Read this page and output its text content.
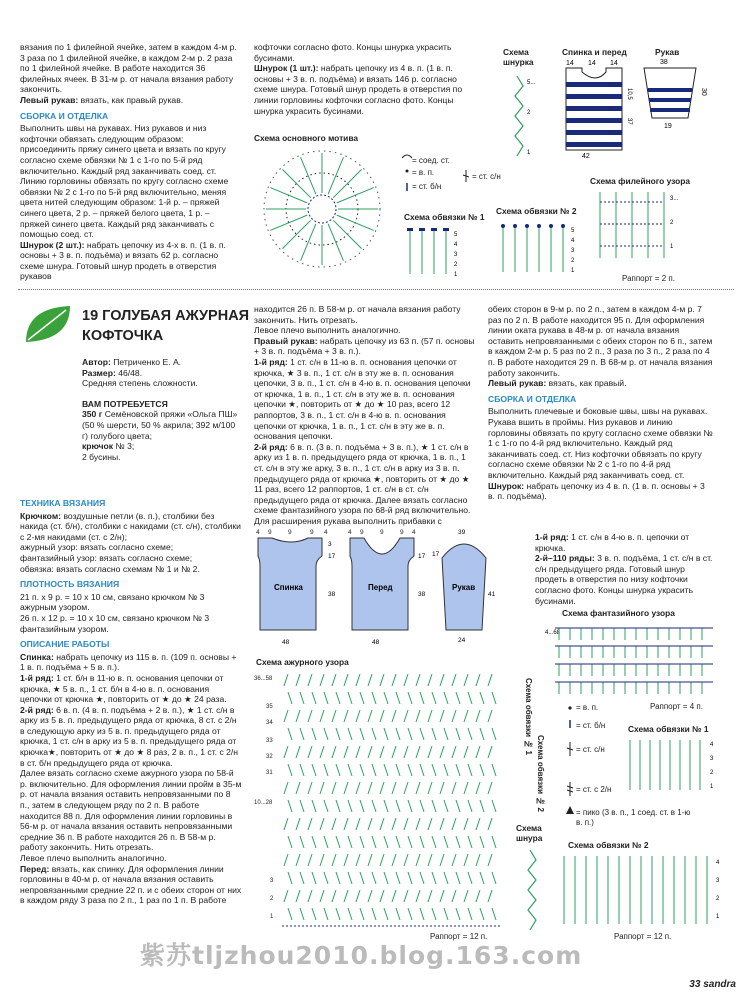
вязания по 1 филейной ячейке, затем в каждом 4-м р. 3 раза по 1 филейной ячейке, в каждом 2-м р. 2 раза по 1 филейной ячейке. В работе находится 36 филейных ячеек. В 31-м р. от начала вязания работу закончить.

Левый рукав: вязать, как правый рукав.

СБОРКА И ОТДЕЛКА

Выполнить швы на рукавах. Низ рукавов и низ кофточки обвязать следующим образом: присоединить пряжу синего цвета и вязать по кругу согласно схеме обвязки № 1 с 1-го по 5-й ряд включительно. Каждый ряд заканчивать соед. ст. Линию горловины обвязать по кругу согласно схеме обвязки № 2 с 1-го по 5-й ряд включительно, меняя цвета нитей следующим образом: 1-й р. – пряжей синего цвета, 2 р. – пряжей белого цвета, 1 р. – пряжей синего цвета. Каждый ряд заканчивать с помощью соед. ст.

Шнурок (2 шт.): набрать цепочку из 4-х в. п. (1 в. п. основы + 3 в. п. подъёма) и вязать 62 р. согласно схеме шнура. Готовый шнур продеть в отверстия рукавов

кофточки согласно фото. Концы шнурка украсить бусинами.

Шнурок (1 шт.): набрать цепочку из 4 в. п. (1 в. п. основы + 3 в. п. подъёма) и вязать 146 р. согласно схеме шнура. Готовый шнур продеть в отверстия по линии горловины кофточки согласно фото. Концы шнурка украсить бусинами.

Схема основного мотива
= соед. ст.
= в. п.
= ст. б/н
= ст. с/н
Схема обвязки № 1
5
4
3
2
1
Схема обвязки № 2
5
4
3
2
1
Схема шнурка
5...
2
1
Спинка и перед	Рукав
14 14 14
42
10,5
37
38
19
30
Схема филейного узора
3...
2
1
Раппорт = 2 п.
19 ГОЛУБАЯ АЖУРНАЯ КОФТОЧКА

Автор: Петриченко Е. А.

Размер: 46/48.

Средняя степень сложности.

ВАМ ПОТРЕБУЕТСЯ

350 г Семёновской пряжи «Ольга ПШ» (50 % шерсти, 50 % акрила; 392 м/100 г) голубого цвета;

крючок № 3;

2 бусины.

ТЕХНИКА ВЯЗАНИЯ

Крючком: воздушные петли (в. п.), столбики без накида (ст. б/н), столбики с накидами (ст. с/н), столбики с 2-мя накидами (ст. с 2/н);

ажурный узор: вязать согласно схеме;

фантазийный узор: вязать согласно схеме;

обвязка: вязать согласно схемам № 1 и № 2.

ПЛОТНОСТЬ ВЯЗАНИЯ

21 п. х 9 р. = 10 х 10 см, связано крючком № 3 ажурным узором.

26 п. х 12 р. = 10 х 10 см, связано крючком № 3 фантазийным узором.

ОПИСАНИЕ РАБОТЫ

Спинка: набрать цепочку из 115 в. п. (109 п. основы + 1 в. п. подъёма + 5 в. п.).

1-й ряд: 1 ст. б/н в 11-ю в. п. основания цепочки от крючка, ★ 5 в. п., 1 ст. б/н в 4-ю в. п. основания цепочки от крючка ★, повторить от ★ до ★ 24 раза.

2-й ряд: 6 в. п. (4 в. п. подъёма + 2 в. п.), ★ 1 ст. с/н в арку из 5 в. п. предыдущего ряда от крючка, 8 ст. с 2/н в следующую арку из 5 в. п. предыдущего ряда от крючка, 1 ст. с/н в арку из 5 в. п. предыдущего ряда от крючка★, повторить от ★ до ★ 8 раз, 2 в. п., 1 ст. с 2/н в ст. б/н предыдущего ряда от крючка.

Далее вязать согласно схеме ажурного узора по 58-й р. включительно. Для оформления линии пройм в 35-м р. от начала вязания оставить непровязанными по 8 п., затем в следующем ряду по 2 п. В работе находится 88 п. Для оформления линии горловины в 56-м р. от начала вязания оставить непровязанными средние 36 п. В работе находится 26 п. В 58-м р. работу закончить. Нить отрезать.

Левое плечо выполнить аналогично.

Перед: вязать, как спинку. Для оформления линии горловины в 40-м р. от начала вязания оставить непровязанными средние 22 п. и с обеих сторон от них в каждом ряду 3 раза по 2 п., 1 раз по 1 п. В работе

находится 26 п. В 58-м р. от начала вязания работу закончить. Нить отрезать.

Левое плечо выполнить аналогично.

Правый рукав: набрать цепочку из 63 п. (57 п. основы + 3 в. п. подъёма + 3 в. п.).

1-й ряд: 1 ст. с/н в 11-ю в. п. основания цепочки от крючка, ★ 3 в. п., 1 ст. с/н в эту же в. п. основания цепочки, 3 в. п., 1 ст. с/н в 4-ю в. п. основания цепочки от крючка, 1 в. п., 1 ст. с/н в эту же в. п. основания цепочки ★, повторить от ★ до ★ 10 раз, всего 12 раппортов, 3 в. п., 1 ст. с/н в 4-ю в. п. основания цепочки от крючка, 1 в. п., 1 ст. с/н в эту же в. п. основания цепочки.

2-й ряд: 6 в. п. (3 в. п. подъёма + 3 в. п.), ★ 1 ст. с/н в арку из 1 в. п. предыдущего ряда от крючка, 1 в. п., 1 ст. с/н в эту же арку, 3 в. п., 1 ст. с/н в арку из 3 в. п. предыдущего ряда от крючка ★, повторить от ★ до ★ 11 раз, всего 12 раппортов, 1 ст. с/н в ст. с/н предыдущего ряда от крючка. Далее вязать согласно схеме фантазийного узора по 68-й ряд включительно. Для расширения рукава выполнить прибавки с

обеих сторон в 9-м р. по 2 п., затем в каждом 4-м р. 7 раз по 2 п. В работе находится 95 п. Для оформления линии оката рукава в 48-м р. от начала вязания оставить непровязанными с обеих сторон по 6 п., затем в каждом 2-м р. 5 раз по 2 п., 3 раза по 3 п., 2 раза по 4 п. В работе находится 29 п. В 68-м р. от начала вязания работу закончить.

Левый рукав: вязать, как правый.

СБОРКА И ОТДЕЛКА

Выполнить плечевые и боковые швы, швы на рукавах. Рукава вшить в проймы. Низ рукавов и линию горловины обвязать по кругу согласно схеме обвязки № 1 с 1-го по 4-й ряд включительно. Каждый ряд заканчивать соед. ст. Низ кофточки обвязать по кругу согласно схеме обвязки № 2 с 1-го по 4-й ряд включительно. Каждый ряд заканчивать соед. ст.

Шнурок: набрать цепочку из 4 в. п. (1 в. п. основы + 3 в. п. подъёма).

1-й ряд: 1 ст. с/н в 4-ю в. п. цепочки от крючка.

2-й–110 ряды: 3 в. п. подъёма, 1 ст. с/н в ст. с/н предыдущего ряда. Готовый шнур продеть в отверстия по низу кофточки согласно фото. Концы шнурка украсить бусинами.

4 9	9	9 4
Спинка
48
3
17
38
4 9	9	9 4
Перед
48
17
38
Рукав
39
17
41
24
Схема ажурного узора
36...58
35
34
33
32
31
10...28
3
2
1
Раппорт = 12 п.
Схема обвязки № 1
Схема обвязки № 2
Схема шнура
Схема фантазийного узора
4...68
Раппорт = 4 п.
= в. п.
= ст. б/н
= ст. с/н
= ст. с 2/н
= пико (3 в. п., 1 соед. ст. в 1-ю в. п.)
Схема обвязки № 1
4
3
2
1
Схема обвязки № 2
4
3
2
1
Раппорт = 12 п.
紫苏tljzhou2010.blog.163.com
33 sandra
